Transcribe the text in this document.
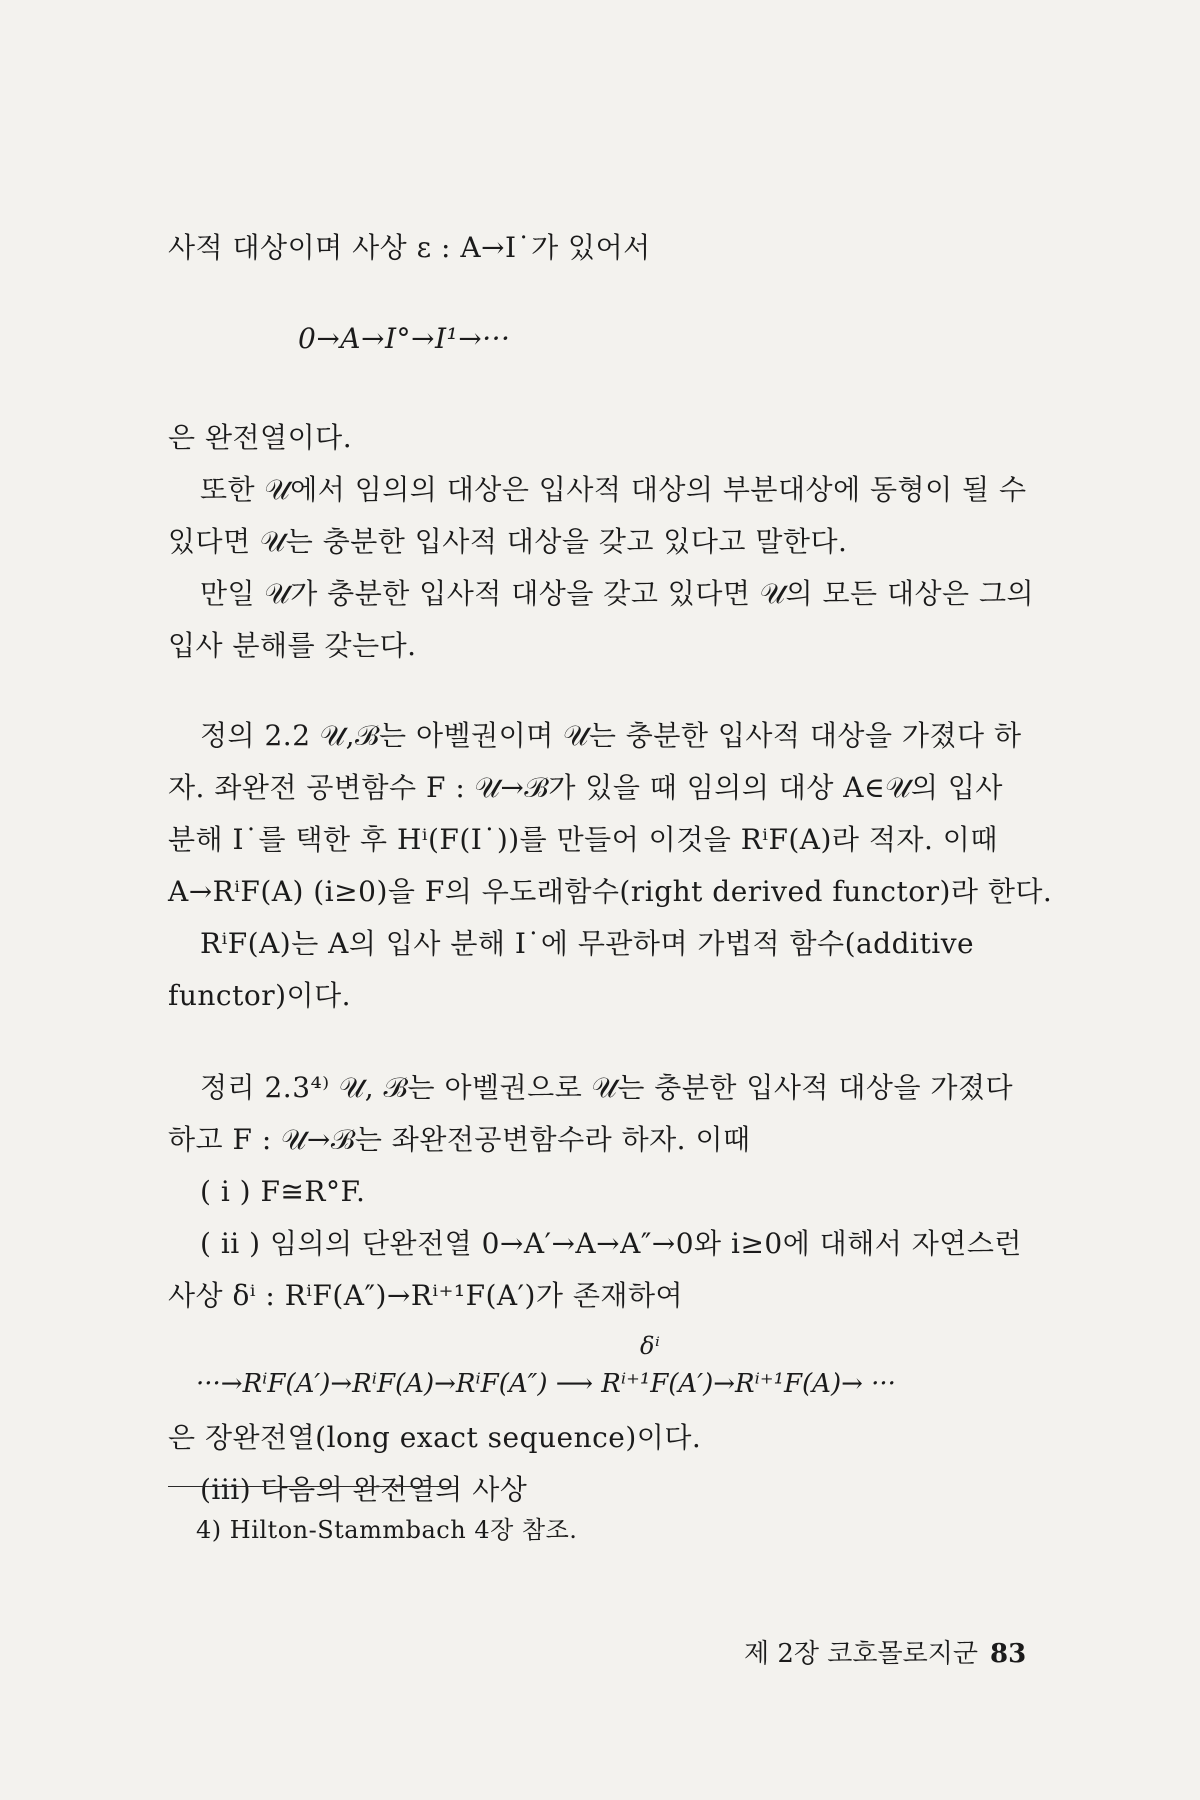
사적 대상이며 사상 ε : A→I˙가 있어서
0→A→I°→I¹→···
은 완전열이다.
또한 𝒰에서 임의의 대상은 입사적 대상의 부분대상에 동형이 될 수
있다면 𝒰는 충분한 입사적 대상을 갖고 있다고 말한다.
만일 𝒰가 충분한 입사적 대상을 갖고 있다면 𝒰의 모든 대상은 그의
입사 분해를 갖는다.
정의 2.2 𝒰,ℬ는 아벨권이며 𝒰는 충분한 입사적 대상을 가졌다 하
자. 좌완전 공변함수 F : 𝒰→ℬ가 있을 때 임의의 대상 A∈𝒰의 입사
분해 I˙를 택한 후 Hⁱ(F(I˙))를 만들어 이것을 RⁱF(A)라 적자. 이때
A→RⁱF(A) (i≥0)을 F의 우도래함수(right derived functor)라 한다.
RⁱF(A)는 A의 입사 분해 I˙에 무관하며 가법적 함수(additive
functor)이다.
정리 2.3⁴⁾ 𝒰, ℬ는 아벨권으로 𝒰는 충분한 입사적 대상을 가졌다
하고 F : 𝒰→ℬ는 좌완전공변함수라 하자. 이때
( i ) F≅R°F.
( ii ) 임의의 단완전열 0→A′→A→A″→0와 i≥0에 대해서 자연스런
사상 δⁱ : RⁱF(A″)→Rⁱ⁺¹F(A′)가 존재하여
δⁱ
···→RⁱF(A′)→RⁱF(A)→RⁱF(A″) ⟶ Rⁱ⁺¹F(A′)→Rⁱ⁺¹F(A)→ ···
은 장완전열(long exact sequence)이다.
(iii) 다음의 완전열의 사상
4) Hilton-Stammbach 4장 참조.
제 2장 코호몰로지군 83
